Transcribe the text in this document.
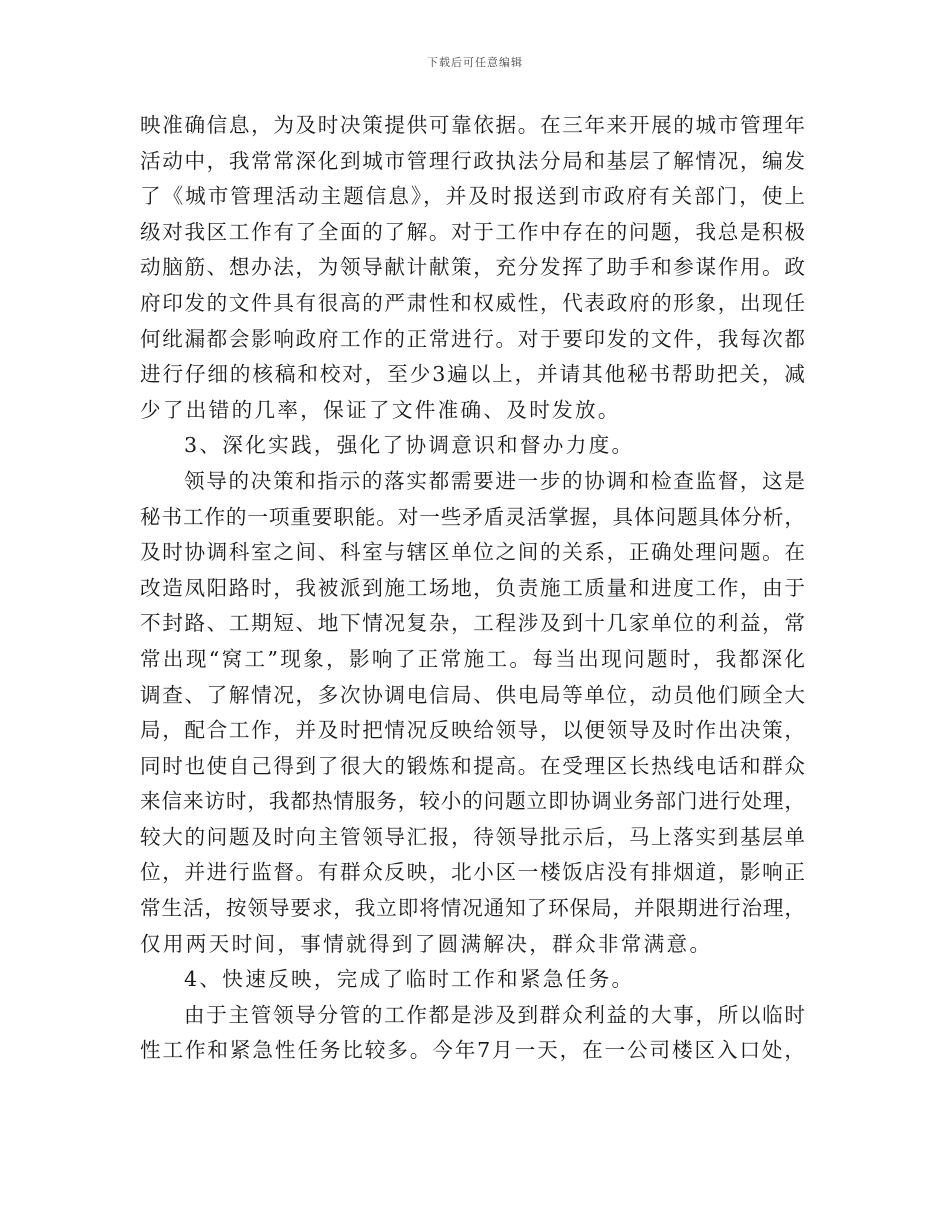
下载后可任意编辑
映准确信息，为及时决策提供可靠依据。在三年来开展的城市管理年
活动中，我常常深化到城市管理行政执法分局和基层了解情况，编发
了《城市管理活动主题信息》，并及时报送到市政府有关部门，使上
级对我区工作有了全面的了解。对于工作中存在的问题，我总是积极
动脑筋、想办法，为领导献计献策，充分发挥了助手和参谋作用。政
府印发的文件具有很高的严肃性和权威性，代表政府的形象，出现任
何纰漏都会影响政府工作的正常进行。对于要印发的文件，我每次都
进行仔细的核稿和校对，至少3遍以上，并请其他秘书帮助把关，减
少了出错的几率，保证了文件准确、及时发放。
3、深化实践，强化了协调意识和督办力度。
领导的决策和指示的落实都需要进一步的协调和检查监督，这是
秘书工作的一项重要职能。对一些矛盾灵活掌握，具体问题具体分析，
及时协调科室之间、科室与辖区单位之间的关系，正确处理问题。在
改造凤阳路时，我被派到施工场地，负责施工质量和进度工作，由于
不封路、工期短、地下情况复杂，工程涉及到十几家单位的利益，常
常出现“窝工”现象，影响了正常施工。每当出现问题时，我都深化
调查、了解情况，多次协调电信局、供电局等单位，动员他们顾全大
局，配合工作，并及时把情况反映给领导，以便领导及时作出决策，
同时也使自己得到了很大的锻炼和提高。在受理区长热线电话和群众
来信来访时，我都热情服务，较小的问题立即协调业务部门进行处理，
较大的问题及时向主管领导汇报，待领导批示后，马上落实到基层单
位，并进行监督。有群众反映，北小区一楼饭店没有排烟道，影响正
常生活，按领导要求，我立即将情况通知了环保局，并限期进行治理，
仅用两天时间，事情就得到了圆满解决，群众非常满意。
4、快速反映，完成了临时工作和紧急任务。
由于主管领导分管的工作都是涉及到群众利益的大事，所以临时
性工作和紧急性任务比较多。今年7月一天，在一公司楼区入口处，
